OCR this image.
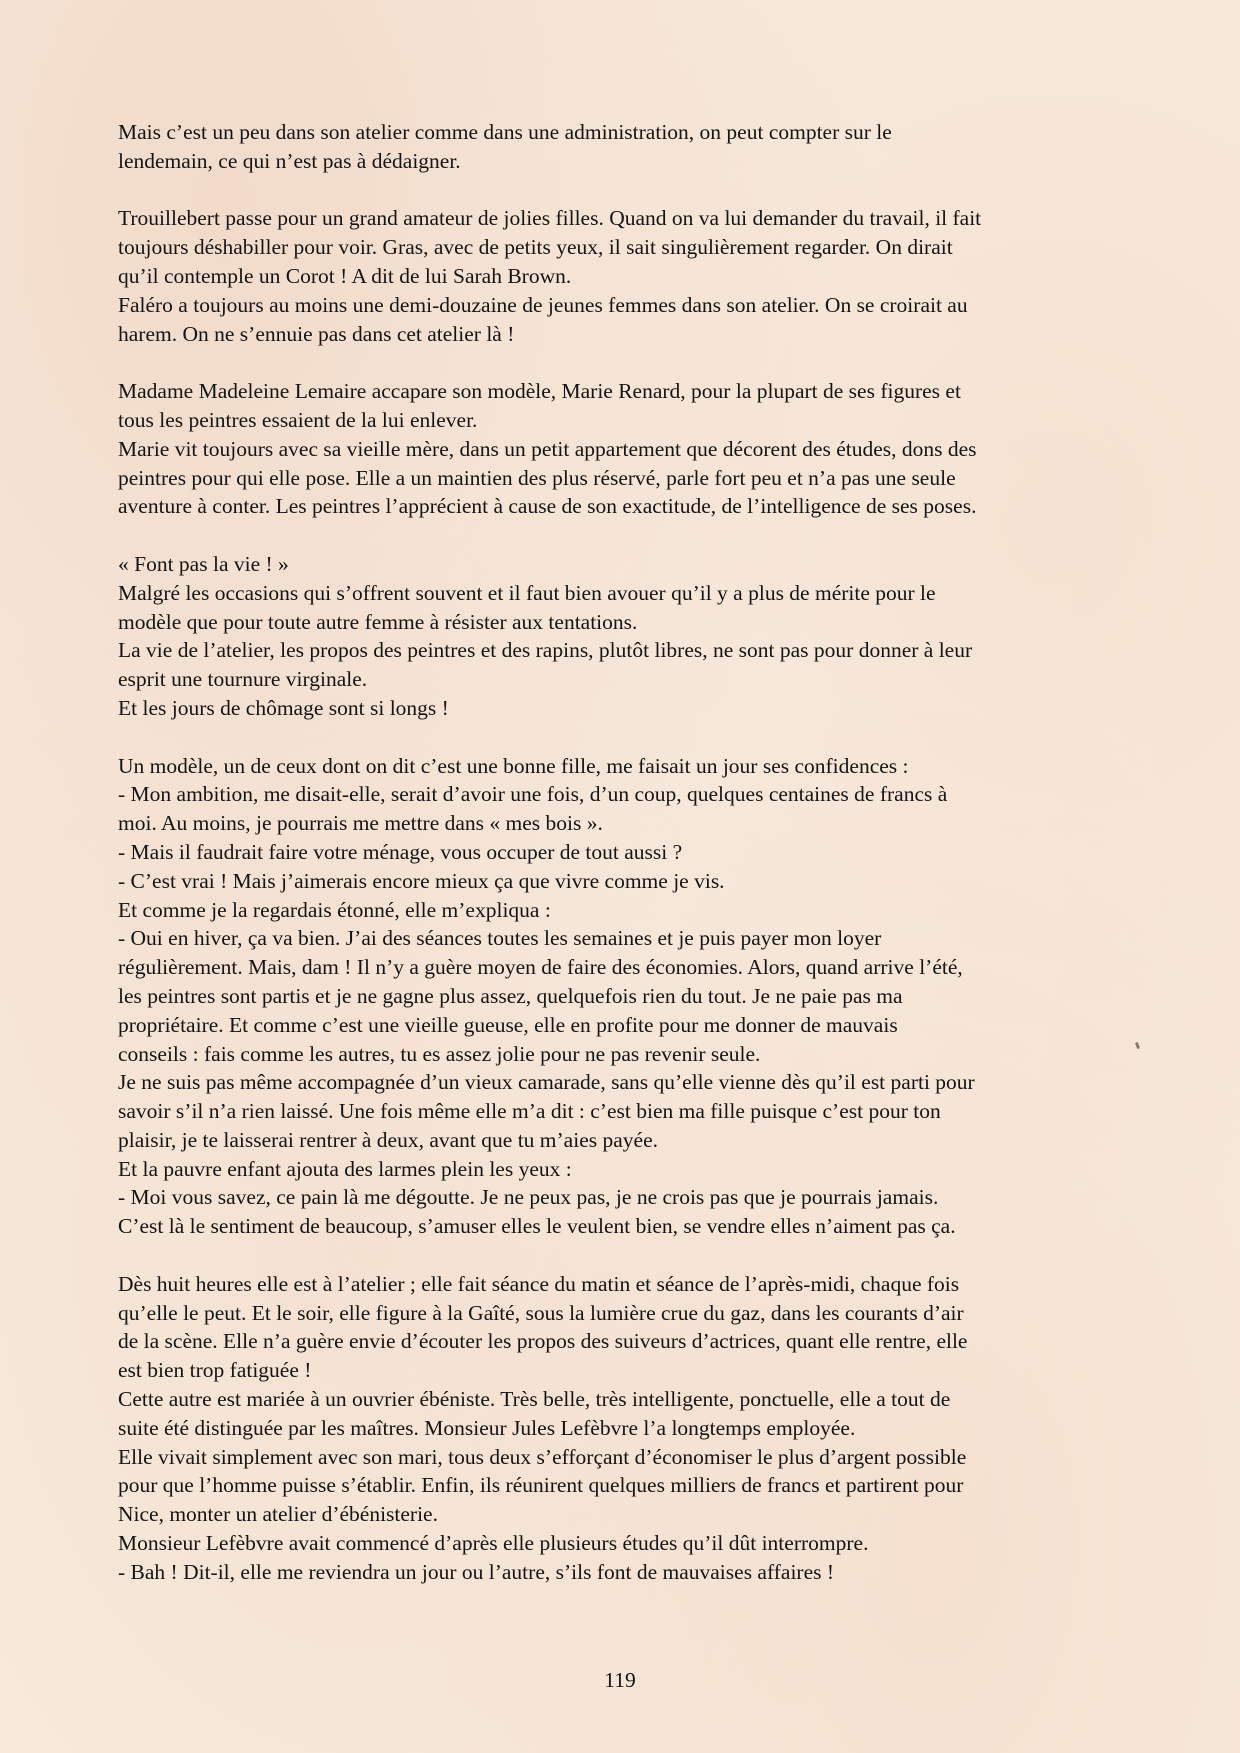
Mais c’est un peu dans son atelier comme dans une administration, on peut compter sur le
lendemain, ce qui n’est pas à dédaigner.
Trouillebert passe pour un grand amateur de jolies filles. Quand on va lui demander du travail, il fait
toujours déshabiller pour voir. Gras, avec de petits yeux, il sait singulièrement regarder. On dirait
qu’il contemple un Corot ! A dit de lui Sarah Brown.
Faléro a toujours au moins une demi-douzaine de jeunes femmes dans son atelier. On se croirait au
harem. On ne s’ennuie pas dans cet atelier là !
Madame Madeleine Lemaire accapare son modèle, Marie Renard, pour la plupart de ses figures et
tous les peintres essaient de la lui enlever.
Marie vit toujours avec sa vieille mère, dans un petit appartement que décorent des études, dons des
peintres pour qui elle pose. Elle a un maintien des plus réservé, parle fort peu et n’a pas une seule
aventure à conter. Les peintres l’apprécient à cause de son exactitude, de l’intelligence de ses poses.
« Font pas la vie ! »
Malgré les occasions qui s’offrent souvent et il faut bien avouer qu’il y a plus de mérite pour le
modèle que pour toute autre femme à résister aux tentations.
La vie de l’atelier, les propos des peintres et des rapins, plutôt libres, ne sont pas pour donner à leur
esprit une tournure virginale.
Et les jours de chômage sont si longs !
Un modèle, un de ceux dont on dit c’est une bonne fille, me faisait un jour ses confidences :
- Mon ambition, me disait-elle, serait d’avoir une fois, d’un coup, quelques centaines de francs à
moi. Au moins, je pourrais me mettre dans « mes bois ».
- Mais il faudrait faire votre ménage, vous occuper de tout aussi ?
- C’est vrai ! Mais j’aimerais encore mieux ça que vivre comme je vis.
Et comme je la regardais étonné, elle m’expliqua :
- Oui en hiver, ça va bien. J’ai des séances toutes les semaines et je puis payer mon loyer
régulièrement. Mais, dam ! Il n’y a guère moyen de faire des économies. Alors, quand arrive l’été,
les peintres sont partis et je ne gagne plus assez, quelquefois rien du tout. Je ne paie pas ma
propriétaire. Et comme c’est une vieille gueuse, elle en profite pour me donner de mauvais
conseils : fais comme les autres, tu es assez jolie pour ne pas revenir seule.
Je ne suis pas même accompagnée d’un vieux camarade, sans qu’elle vienne dès qu’il est parti pour
savoir s’il n’a rien laissé. Une fois même elle m’a dit : c’est bien ma fille puisque c’est pour ton
plaisir, je te laisserai rentrer à deux, avant que tu m’aies payée.
Et la pauvre enfant ajouta des larmes plein les yeux :
- Moi vous savez, ce pain là me dégoutte. Je ne peux pas, je ne crois pas que je pourrais jamais.
C’est là le sentiment de beaucoup, s’amuser elles le veulent bien, se vendre elles n’aiment pas ça.
Dès huit heures elle est à l’atelier ; elle fait séance du matin et séance de l’après-midi, chaque fois
qu’elle le peut. Et le soir, elle figure à la Gaîté, sous la lumière crue du gaz, dans les courants d’air
de la scène. Elle n’a guère envie d’écouter les propos des suiveurs d’actrices, quant elle rentre, elle
est bien trop fatiguée !
Cette autre est mariée à un ouvrier ébéniste. Très belle, très intelligente, ponctuelle, elle a tout de
suite été distinguée par les maîtres. Monsieur Jules Lefèbvre l’a longtemps employée.
Elle vivait simplement avec son mari, tous deux s’efforçant d’économiser le plus d’argent possible
pour que l’homme puisse s’établir. Enfin, ils réunirent quelques milliers de francs et partirent pour
Nice, monter un atelier d’ébénisterie.
Monsieur Lefèbvre avait commencé d’après elle plusieurs études qu’il dût interrompre.
- Bah ! Dit-il, elle me reviendra un jour ou l’autre, s’ils font de mauvaises affaires !
119
